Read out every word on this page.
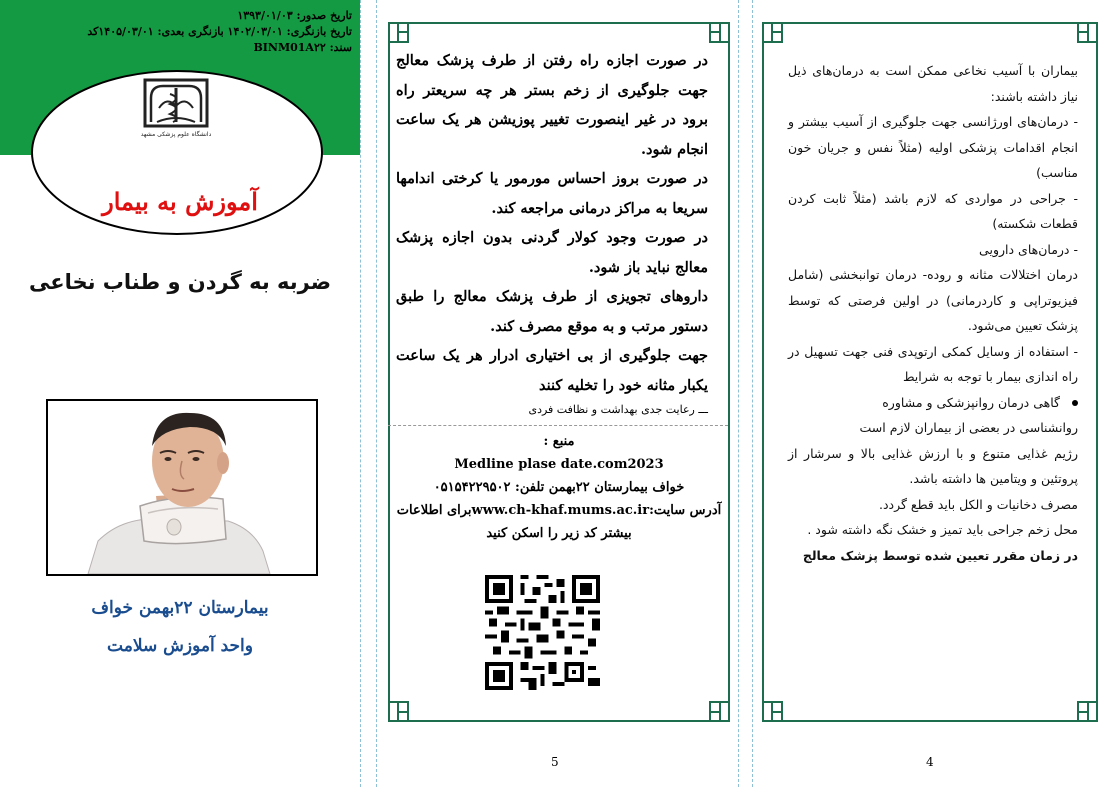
تاریخ صدور: ۱۳۹۳/۰۱/۰۳
تاریخ بازنگری: ۱۴۰۲/۰۳/۰۱ بازنگری بعدی: ۱۴۰۵/۰۳/۰۱کد
سند: BINM01A۲۲
دانشگاه علوم پزشکی مشهد
آموزش به بیمار
ضربه به گردن و طناب نخاعی
بیمارستان ۲۲بهمن خواف
واحد آموزش سلامت

در صورت اجازه راه رفتن از طرف پزشک معالج جهت جلوگیری از زخم بستر هر چه سریعتر راه برود در غیر اینصورت تغییر پوزیشن هر یک ساعت انجام شود.

در صورت بروز احساس مورمور یا کرختی اندامها سریعا به مراکز درمانی مراجعه کند.

در صورت وجود کولار گردنی بدون اجازه پزشک معالج نباید باز شود.

داروهای تجویزی از طرف پزشک معالج را طبق دستور مرتب و به موقع مصرف کند.

جهت جلوگیری از بی اختیاری ادرار هر یک ساعت یکبار مثانه خود را تخلیه کنند

ـــ رعایت جدی بهداشت و نظافت فردی

منبع :
Medline plase date.com2023
خواف بیمارستان ۲۲بهمن تلفن: ۰۵۱۵۴۲۲۹۵۰۲
آدرس سایت:www.ch-khaf.mums.ac.irبرای اطلاعات
بیشتر کد زیر را اسکن کنید
5

بیماران با آسیب نخاعی ممکن است به درمان‌های ذیل نیاز داشته باشند:

- درمان‌های اورژانسی جهت جلوگیری از آسیب بیشتر و انجام اقدامات پزشکی اولیه (مثلاً نفس و جریان خون مناسب)

- جراحی در مواردی که لازم باشد (مثلاً ثابت کردن قطعات شکسته)

- درمان‌های دارویی

درمان اختلالات مثانه و روده- درمان توانبخشی (شامل فیزیوتراپی و کاردرمانی) در اولین فرصتی که توسط پزشک تعیین می‌شود.

- استفاده از وسایل کمکی ارتوپدی فنی جهت تسهیل در راه اندازی بیمار با توجه به شرایط

گاهی درمان روانپزشکی و مشاوره

روانشناسی در بعضی از بیماران لازم است

رژیم غذایی متنوع و با ارزش غذایی بالا و سرشار از پروتئین و ویتامین ها داشته باشد.

مصرف دخانیات و الکل باید قطع گردد.

محل زخم جراحی باید تمیز و خشک نگه داشته شود .

در زمان مقرر تعیین شده توسط پزشک معالج

4
